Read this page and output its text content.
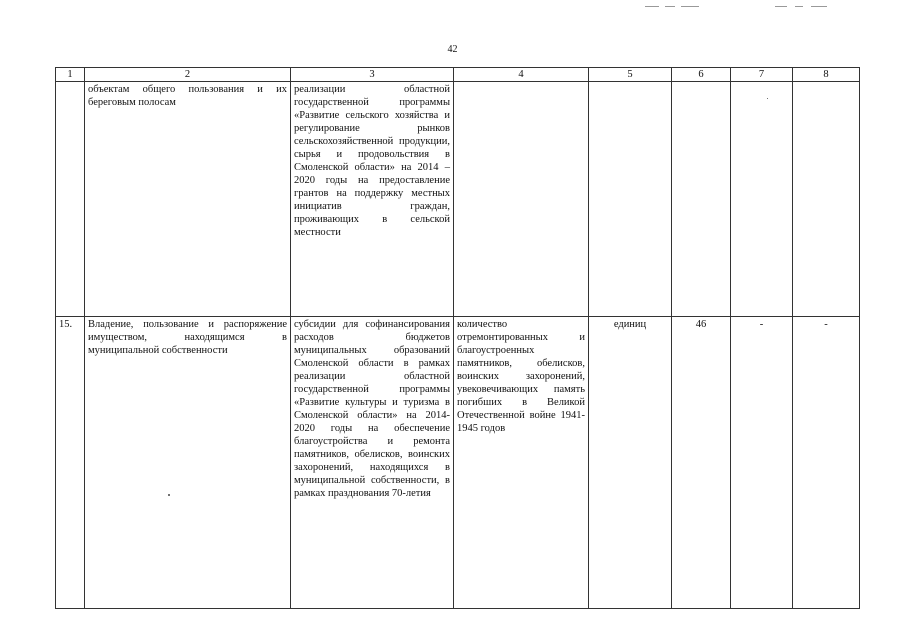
42
1	2	3	4	5	6	7	8
	объектам общего пользования и их береговым полосам	реализации областной государственной программы «Развитие сельского хозяйства и регулирование рынков сельскохозяйственной продукции, сырья и продовольствия в Смоленской области» на 2014 – 2020 годы на предоставление грантов на поддержку местных инициатив граждан, проживающих в сельской местности					
15.	Владение, пользование и распоряжение имуществом, находящимся в муниципальной собственности	субсидии для софинансирования расходов бюджетов муниципальных образований Смоленской области в рамках реализации областной государственной программы «Развитие культуры и туризма в Смоленской области» на 2014-2020 годы на обеспечение благоустройства и ремонта памятников, обелисков, воинских захоронений, находящихся в муниципальной собственности, в рамках празднования 70-летия	количество отремонтированных и благоустроенных памятников, обелисков, воинских захоронений, увековечивающих память погибших в Великой Отечественной войне 1941-1945 годов	единиц	46	-	-
